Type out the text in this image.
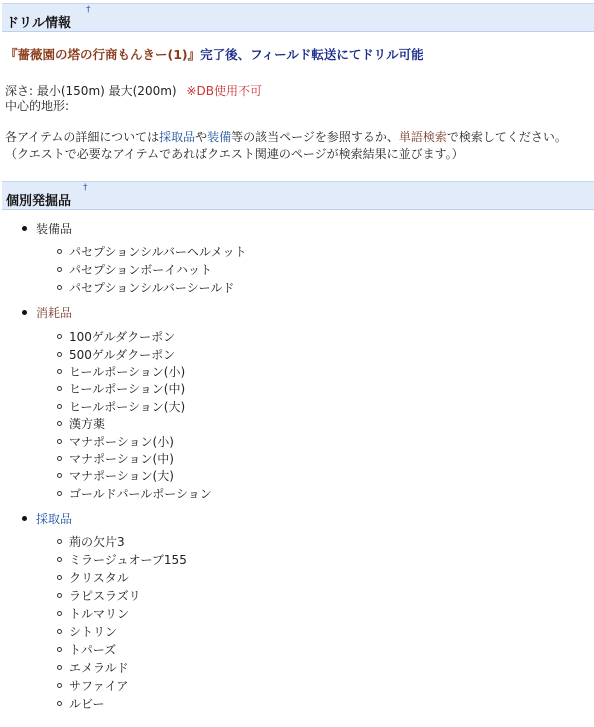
ドリル情報
†
『薔薇園の塔の行商もんきー(1)』完了後、フィールド転送にてドリル可能
深さ: 最小(150m) 最大(200m) ※DB使用不可
中心的地形:
各アイテムの詳細については採取品や装備等の該当ページを参照するか、単語検索で検索してください。
（クエストで必要なアイテムであればクエスト関連のページが検索結果に並びます。）
個別発掘品
†
装備品
パセプションシルバーヘルメット
パセプションボーイハット
パセプションシルバーシールド
消耗品
100ゲルダクーポン
500ゲルダクーポン
ヒールポーション(小)
ヒールポーション(中)
ヒールポーション(大)
漢方薬
マナポーション(小)
マナポーション(中)
マナポーション(大)
ゴールドパールポーション
採取品
荊の欠片3
ミラージュオーブ155
クリスタル
ラピスラズリ
トルマリン
シトリン
トパーズ
エメラルド
サファイア
ルビー
